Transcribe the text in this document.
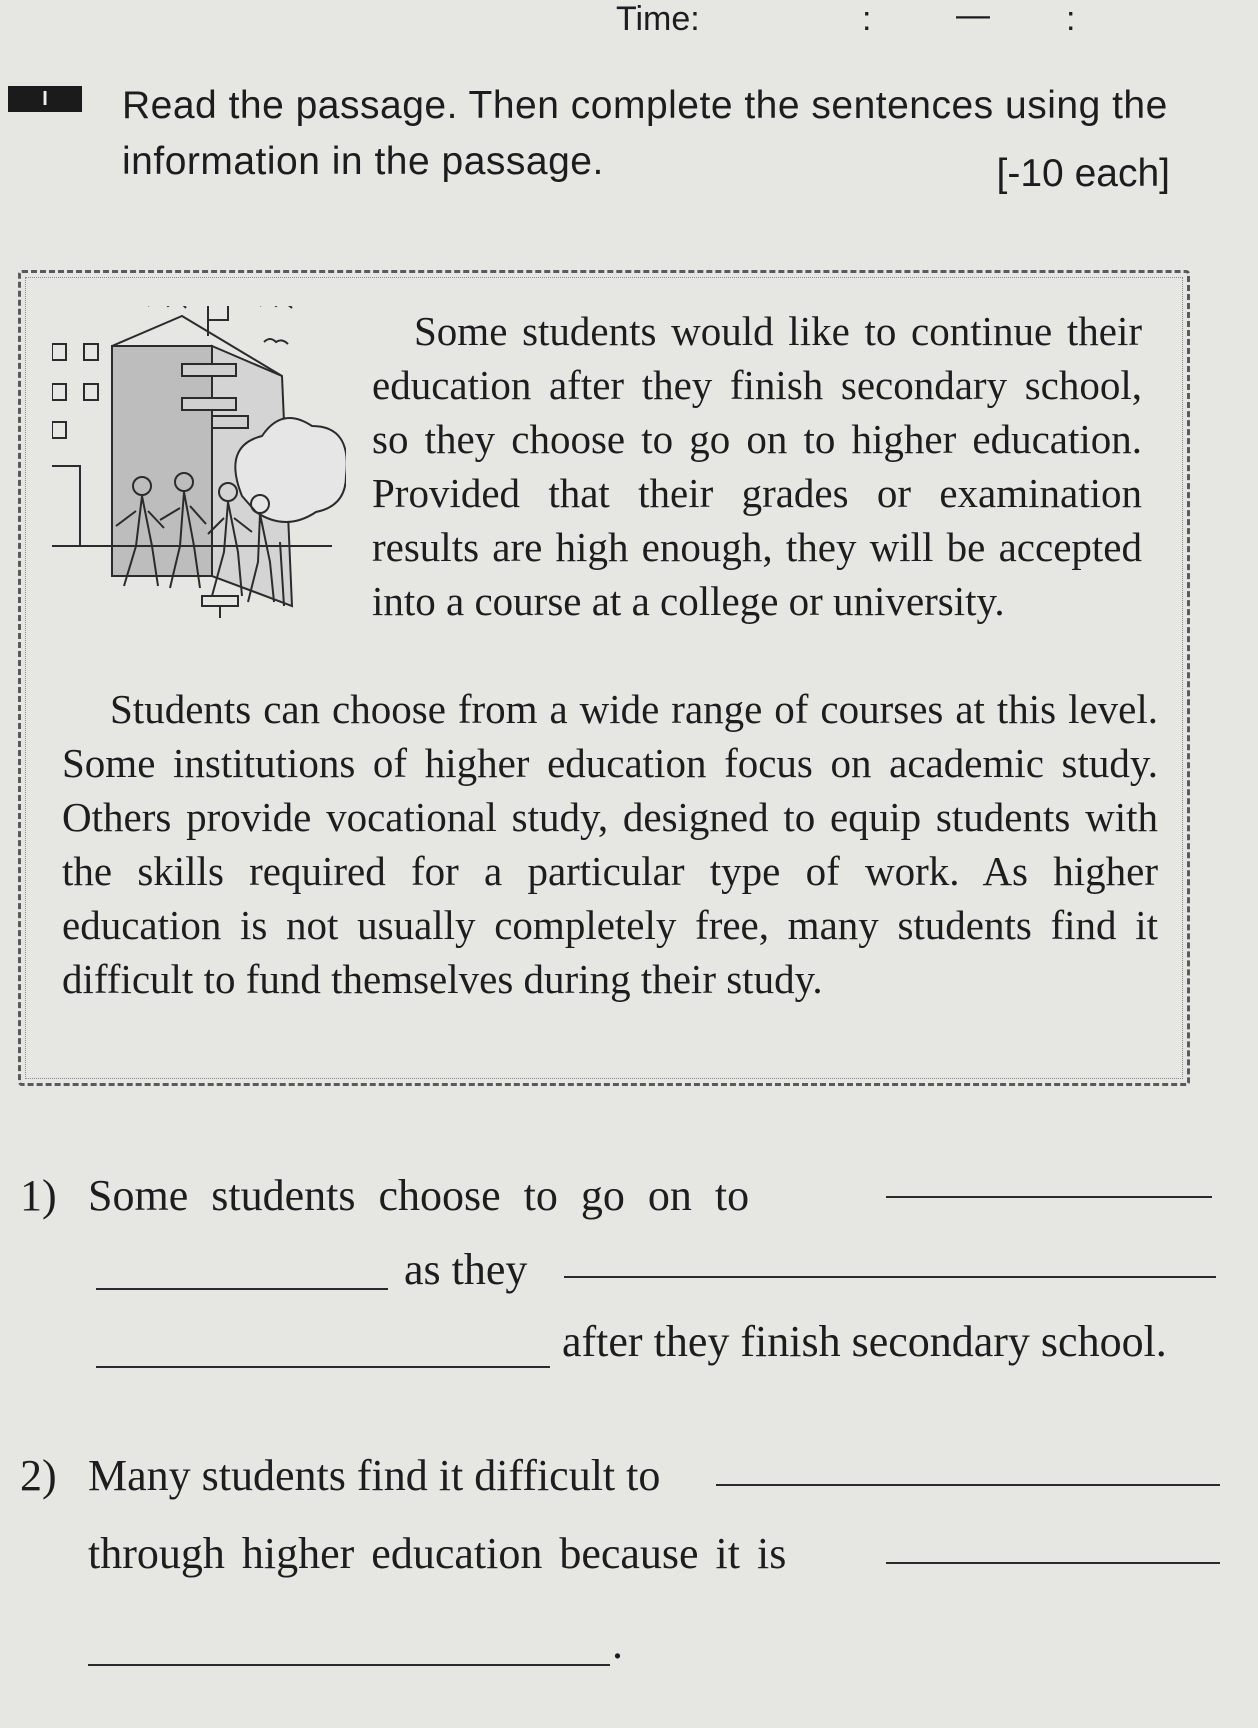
Time:	: — :
I	Read the passage. Then complete the sentences using the information in the passage.	[-10 each]
Some students would like to continue their education after they finish secondary school, so they choose to go on to higher education. Provided that their grades or examination results are high enough, they will be accepted into a course at a college or university.
Students can choose from a wide range of courses at this level. Some institutions of higher education focus on academic study. Others provide vocational study, designed to equip students with the skills required for a particular type of work. As higher education is not usually completely free, many students find it difficult to fund themselves during their study.
1) Some students choose to go on to
as they
after they finish secondary school.
2) Many students find it difficult to
through higher education because it is
.
